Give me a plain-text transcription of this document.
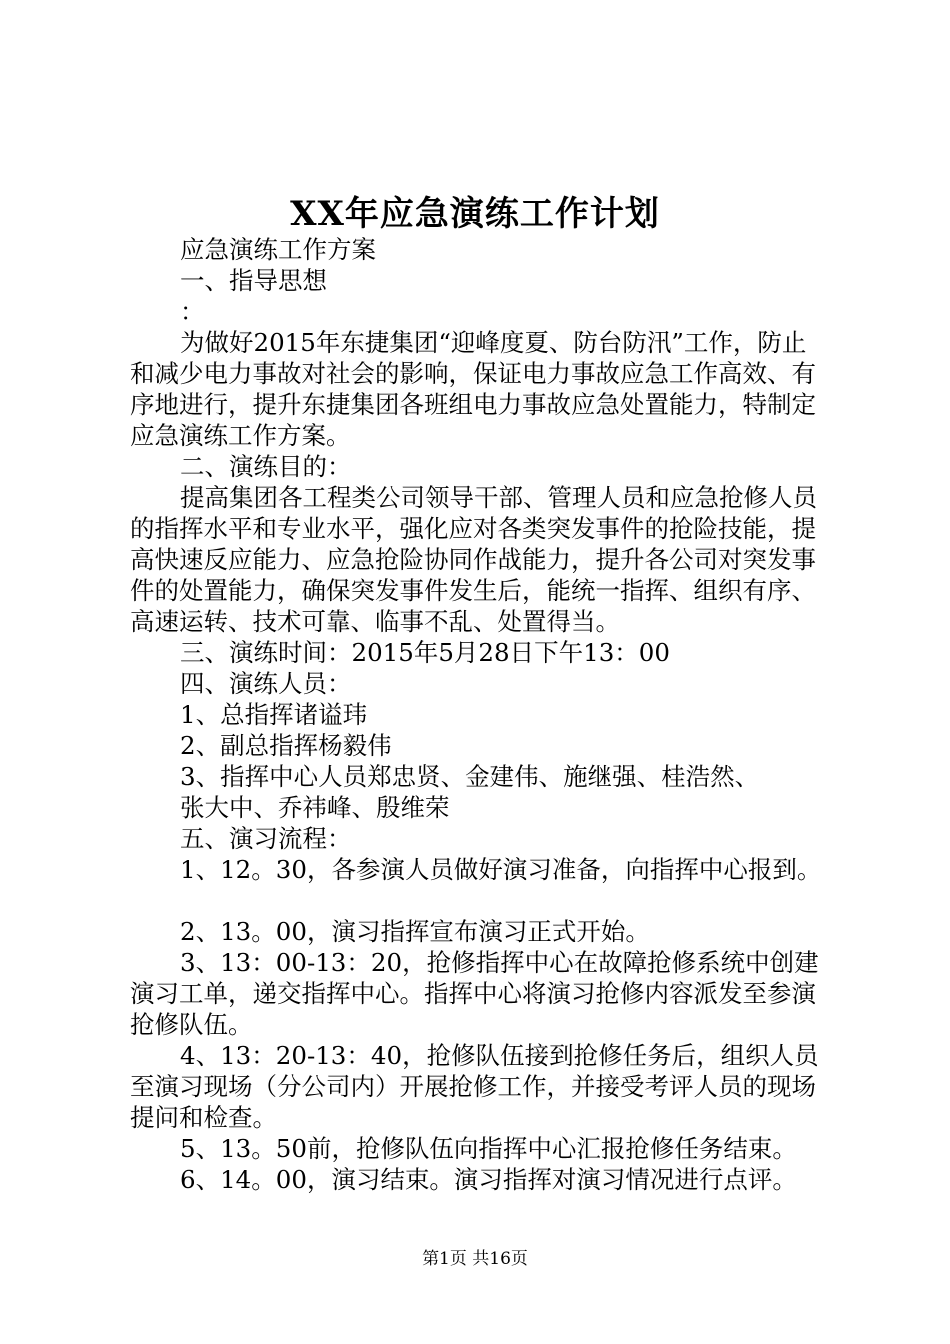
XX年应急演练工作计划

应急演练工作方案

一、指导思想

：

为做好2015年东捷集团“迎峰度夏、防台防汛”工作，防止和减少电力事故对社会的影响，保证电力事故应急工作高效、有序地进行，提升东捷集团各班组电力事故应急处置能力，特制定应急演练工作方案。

二、演练目的：

提高集团各工程类公司领导干部、管理人员和应急抢修人员的指挥水平和专业水平，强化应对各类突发事件的抢险技能，提高快速反应能力、应急抢险协同作战能力，提升各公司对突发事件的处置能力，确保突发事件发生后，能统一指挥、组织有序、高速运转、技术可靠、临事不乱、处置得当。

三、演练时间：2015年5月28日下午13：00

四、演练人员：

1、总指挥诸谥玮

2、副总指挥杨毅伟

3、指挥中心人员郑忠贤、金建伟、施继强、桂浩然、

张大中、乔祎峰、殷维荣

五、演习流程：

1、12。30，各参演人员做好演习准备，向指挥中心报到。

2、13。00，演习指挥宣布演习正式开始。

3、13：00-13：20，抢修指挥中心在故障抢修系统中创建演习工单，递交指挥中心。指挥中心将演习抢修内容派发至参演抢修队伍。

4、13：20-13：40，抢修队伍接到抢修任务后，组织人员至演习现场（分公司内）开展抢修工作，并接受考评人员的现场提问和检查。

5、13。50前，抢修队伍向指挥中心汇报抢修任务结束。

6、14。00，演习结束。演习指挥对演习情况进行点评。

第1页 共16页
